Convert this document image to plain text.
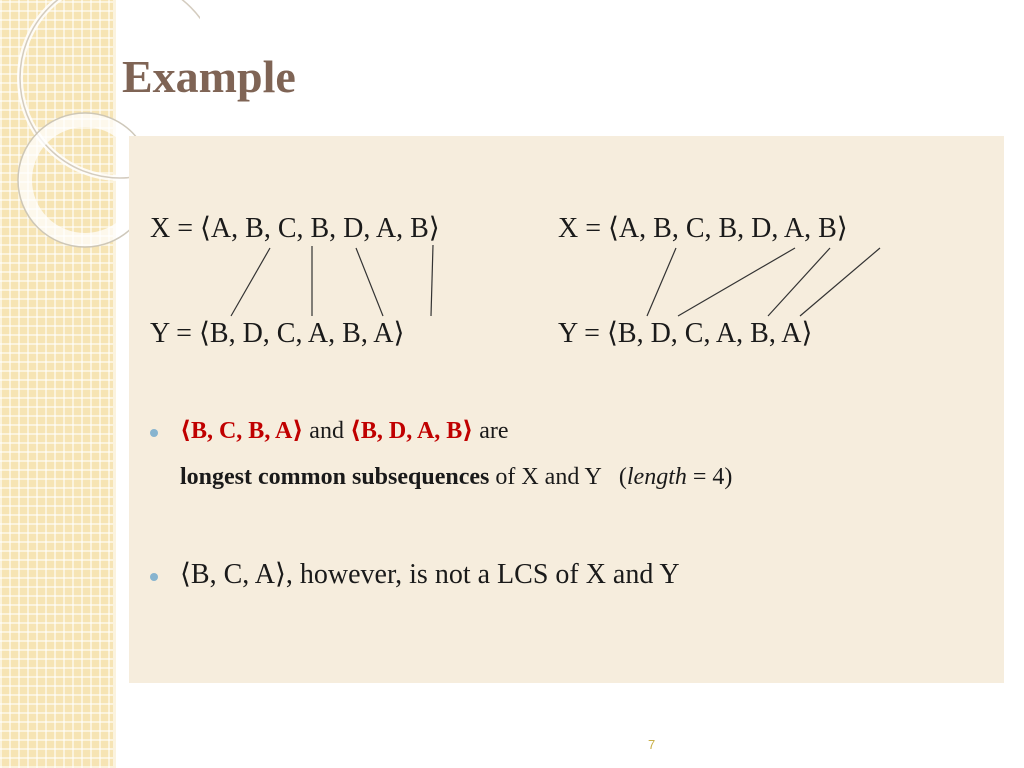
Example
X = ⟨A, B, C, B, D, A, B⟩
Y = ⟨B, D, C, A, B, A⟩
X = ⟨A, B, C, B, D, A, B⟩
Y = ⟨B, D, C, A, B, A⟩
⟨B, C, B, A⟩ and ⟨B, D, A, B⟩ are
longest common subsequences of X and Y   (length = 4)
⟨B, C, A⟩, however, is not a LCS of X and Y
7
